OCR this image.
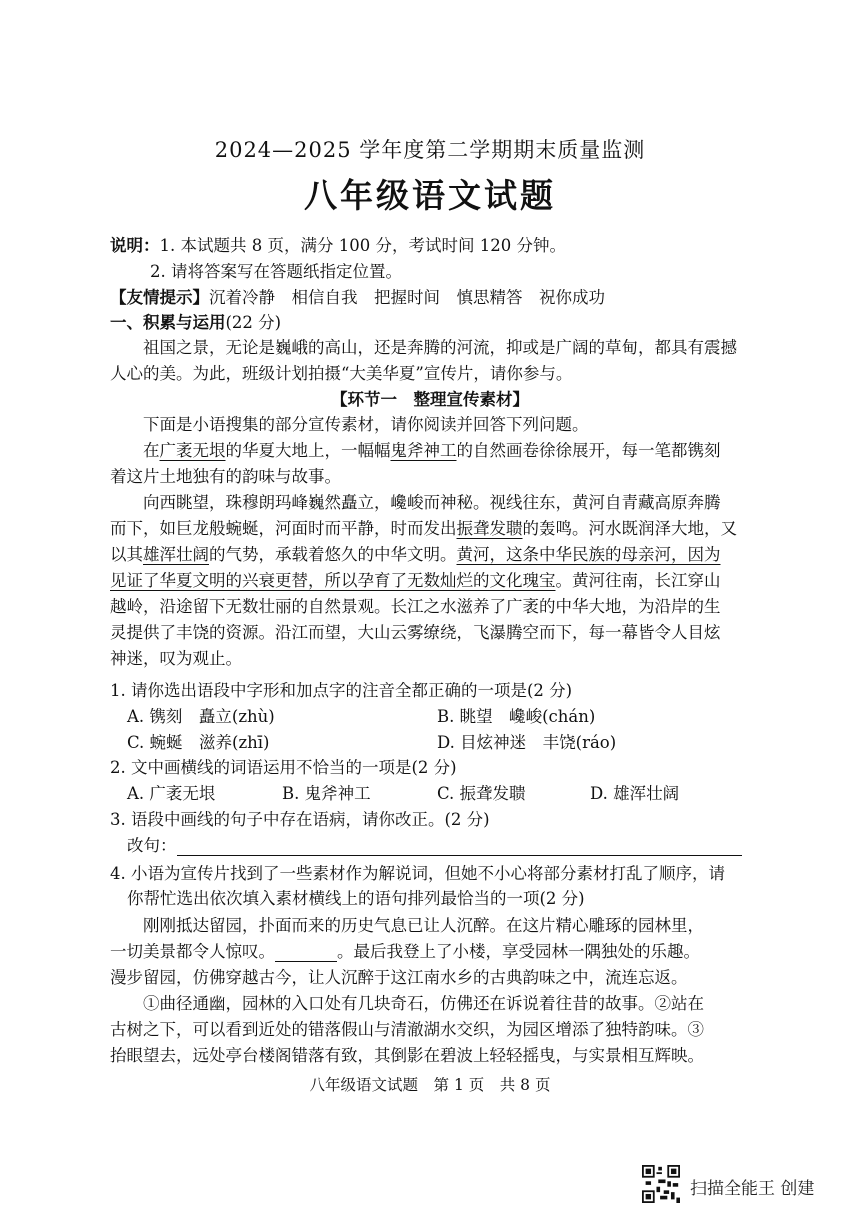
2024—2025 学年度第二学期期末质量监测
八年级语文试题
说明：1. 本试题共 8 页，满分 100 分，考试时间 120 分钟。
2. 请将答案写在答题纸指定位置。
【友情提示】沉着冷静　相信自我　把握时间　慎思精答　祝你成功
一、积累与运用(22 分)
祖国之景，无论是巍峨的高山，还是奔腾的河流，抑或是广阔的草甸，都具有震撼
人心的美。为此，班级计划拍摄“大美华夏”宣传片，请你参与。
【环节一　整理宣传素材】
下面是小语搜集的部分宣传素材，请你阅读并回答下列问题。
在广袤无垠的华夏大地上，一幅幅鬼斧神工的自然画卷徐徐展开，每一笔都镌刻
着这片土地独有的韵味与故事。
向西眺望，珠穆朗玛峰巍然矗立，巉峻而神秘。视线往东，黄河自青藏高原奔腾
而下，如巨龙般蜿蜒，河面时而平静，时而发出振聋发聩的轰鸣。河水既润泽大地，又
以其雄浑壮阔的气势，承载着悠久的中华文明。黄河，这条中华民族的母亲河，因为
见证了华夏文明的兴衰更替，所以孕育了无数灿烂的文化瑰宝。黄河往南，长江穿山
越岭，沿途留下无数壮丽的自然景观。长江之水滋养了广袤的中华大地，为沿岸的生
灵提供了丰饶的资源。沿江而望，大山云雾缭绕，飞瀑腾空而下，每一幕皆令人目炫
神迷，叹为观止。
1. 请你选出语段中字形和加点字的注音全都正确的一项是(2 分)
A. 镌刻　矗立(zhù)	B. 眺望　巉峻(chán)
C. 蜿蜒　滋养(zhī)	D. 目炫神迷　丰饶(ráo)
2. 文中画横线的词语运用不恰当的一项是(2 分)
A. 广袤无垠	B. 鬼斧神工	C. 振聋发聩	D. 雄浑壮阔
3. 语段中画线的句子中存在语病，请你改正。(2 分)
改句：
4. 小语为宣传片找到了一些素材作为解说词，但她不小心将部分素材打乱了顺序，请
你帮忙选出依次填入素材横线上的语句排列最恰当的一项(2 分)
刚刚抵达留园，扑面而来的历史气息已让人沉醉。在这片精心雕琢的园林里，
一切美景都令人惊叹。	。最后我登上了小楼，享受园林一隅独处的乐趣。
漫步留园，仿佛穿越古今，让人沉醉于这江南水乡的古典韵味之中，流连忘返。
①曲径通幽，园林的入口处有几块奇石，仿佛还在诉说着往昔的故事。②站在
古树之下，可以看到近处的错落假山与清澈湖水交织，为园区增添了独特韵味。③
抬眼望去，远处亭台楼阁错落有致，其倒影在碧波上轻轻摇曳，与实景相互辉映。
八年级语文试题　第 1 页　共 8 页
扫描全能王 创建
